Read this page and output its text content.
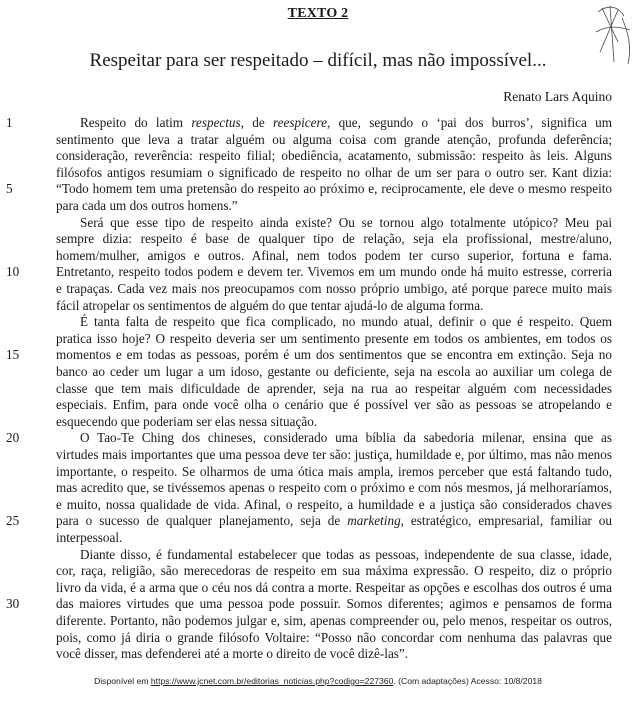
TEXTO 2
Respeitar para ser respeitado – difícil, mas não impossível...
Renato Lars Aquino
Respeito do latim respectus, de reespicere, que, segundo o ‘pai dos burros’, significa um
sentimento que leva a tratar alguém ou alguma coisa com grande atenção, profunda deferência;
consideração, reverência: respeito filial; obediência, acatamento, submissão: respeito às leis. Alguns
filósofos antigos resumiam o significado de respeito no olhar de um ser para o outro ser. Kant dizia:
“Todo homem tem uma pretensão do respeito ao próximo e, reciprocamente, ele deve o mesmo respeito
para cada um dos outros homens.”
Será que esse tipo de respeito ainda existe? Ou se tornou algo totalmente utópico? Meu pai
sempre dizia: respeito é base de qualquer tipo de relação, seja ela profissional, mestre/aluno,
homem/mulher, amigos e outros. Afinal, nem todos podem ter curso superior, fortuna e fama.
Entretanto, respeito todos podem e devem ter. Vivemos em um mundo onde há muito estresse, correria
e trapaças. Cada vez mais nos preocupamos com nosso próprio umbigo, até porque parece muito mais
fácil atropelar os sentimentos de alguém do que tentar ajudá-lo de alguma forma.
É tanta falta de respeito que fica complicado, no mundo atual, definir o que é respeito. Quem
pratica isso hoje? O respeito deveria ser um sentimento presente em todos os ambientes, em todos os
momentos e em todas as pessoas, porém é um dos sentimentos que se encontra em extinção. Seja no
banco ao ceder um lugar a um idoso, gestante ou deficiente, seja na escola ao auxiliar um colega de
classe que tem mais dificuldade de aprender, seja na rua ao respeitar alguém com necessidades
especiais. Enfim, para onde você olha o cenário que é possível ver são as pessoas se atropelando e
esquecendo que poderiam ser elas nessa situação.
O Tao-Te Ching dos chineses, considerado uma bíblia da sabedoria milenar, ensina que as
virtudes mais importantes que uma pessoa deve ter são: justiça, humildade e, por último, mas não menos
importante, o respeito. Se olharmos de uma ótica mais ampla, iremos perceber que está faltando tudo,
mas acredito que, se tivéssemos apenas o respeito com o próximo e com nós mesmos, já melhoraríamos,
e muito, nossa qualidade de vida. Afinal, o respeito, a humildade e a justiça são considerados chaves
para o sucesso de qualquer planejamento, seja de marketing, estratégico, empresarial, familiar ou
interpessoal.
Diante disso, é fundamental estabelecer que todas as pessoas, independente de sua classe, idade,
cor, raça, religião, são merecedoras de respeito em sua máxima expressão. O respeito, diz o próprio
livro da vida, é a arma que o céu nos dá contra a morte. Respeitar as opções e escolhas dos outros é uma
das maiores virtudes que uma pessoa pode possuir. Somos diferentes; agimos e pensamos de forma
diferente. Portanto, não podemos julgar e, sim, apenas compreender ou, pelo menos, respeitar os outros,
pois, como já diria o grande filósofo Voltaire: “Posso não concordar com nenhuma das palavras que
você disser, mas defenderei até a morte o direito de você dizê-las”.
1
5
10
15
20
25
30
Disponível em https://www.jcnet.com.br/editorias_noticias.php?codigo=227360. (Com adaptações) Acesso: 10/8/2018
